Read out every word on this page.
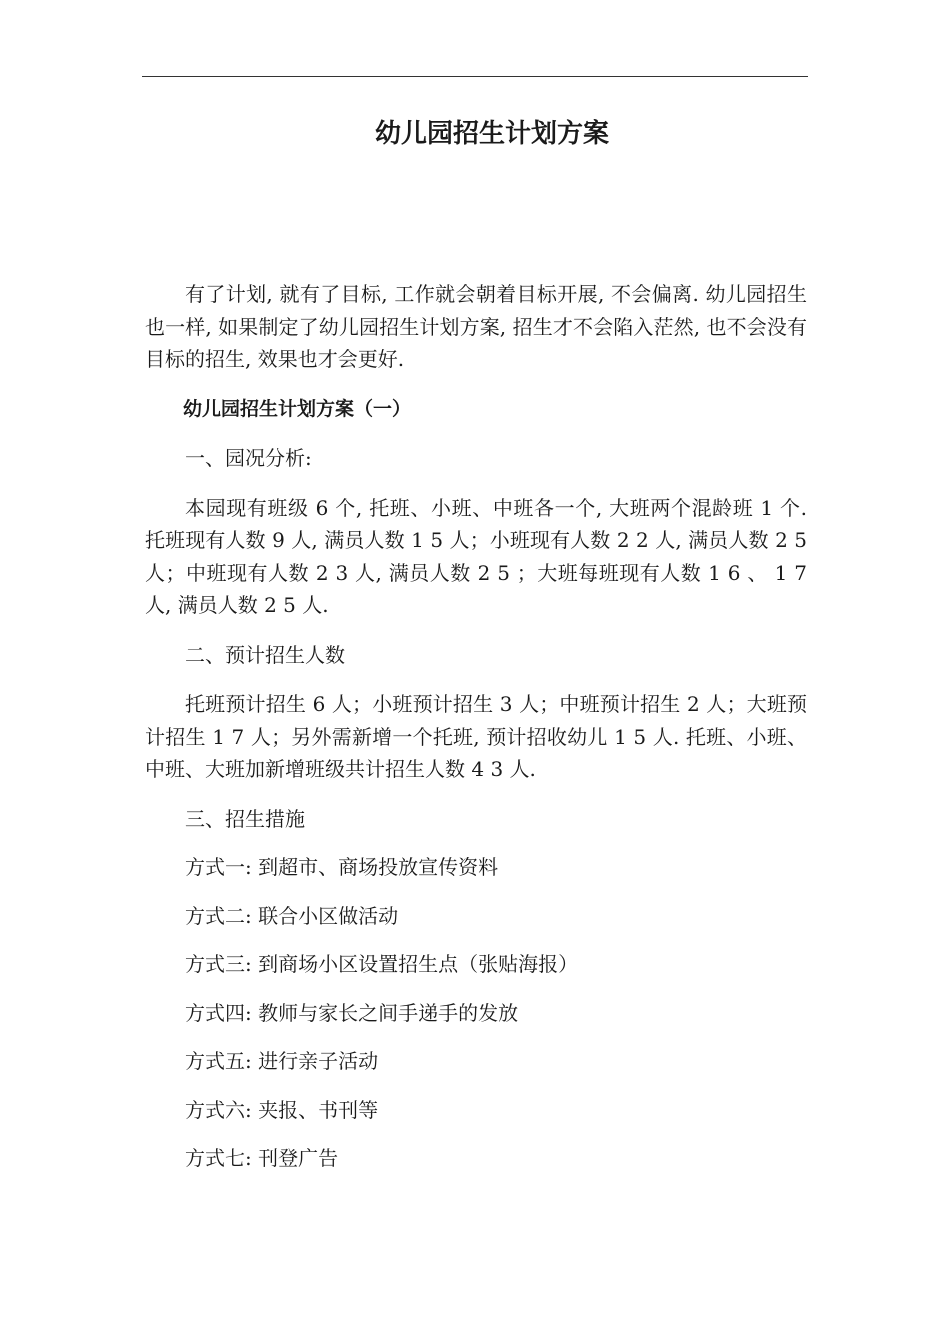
幼儿园招生计划方案

有了计划, 就有了目标, 工作就会朝着目标开展, 不会偏离. 幼儿园招生也一样, 如果制定了幼儿园招生计划方案, 招生才不会陷入茫然, 也不会没有目标的招生, 效果也才会更好.

幼儿园招生计划方案（一）

一、园况分析:

本园现有班级 6 个, 托班、小班、中班各一个, 大班两个混龄班 1 个. 托班现有人数 9 人, 满员人数 1 5 人；小班现有人数 2 2 人, 满员人数 2 5 人；中班现有人数 2 3 人, 满员人数 2 5 ；大班每班现有人数 1 6 、 1 7 人, 满员人数 2 5 人.

二、预计招生人数

托班预计招生 6 人；小班预计招生 3 人；中班预计招生 2 人；大班预计招生 1 7 人；另外需新增一个托班, 预计招收幼儿 1 5 人. 托班、小班、中班、大班加新增班级共计招生人数 4 3 人.

三、招生措施

方式一: 到超市、商场投放宣传资料

方式二: 联合小区做活动

方式三: 到商场小区设置招生点（张贴海报）

方式四: 教师与家长之间手递手的发放

方式五: 进行亲子活动

方式六: 夹报、书刊等

方式七: 刊登广告
